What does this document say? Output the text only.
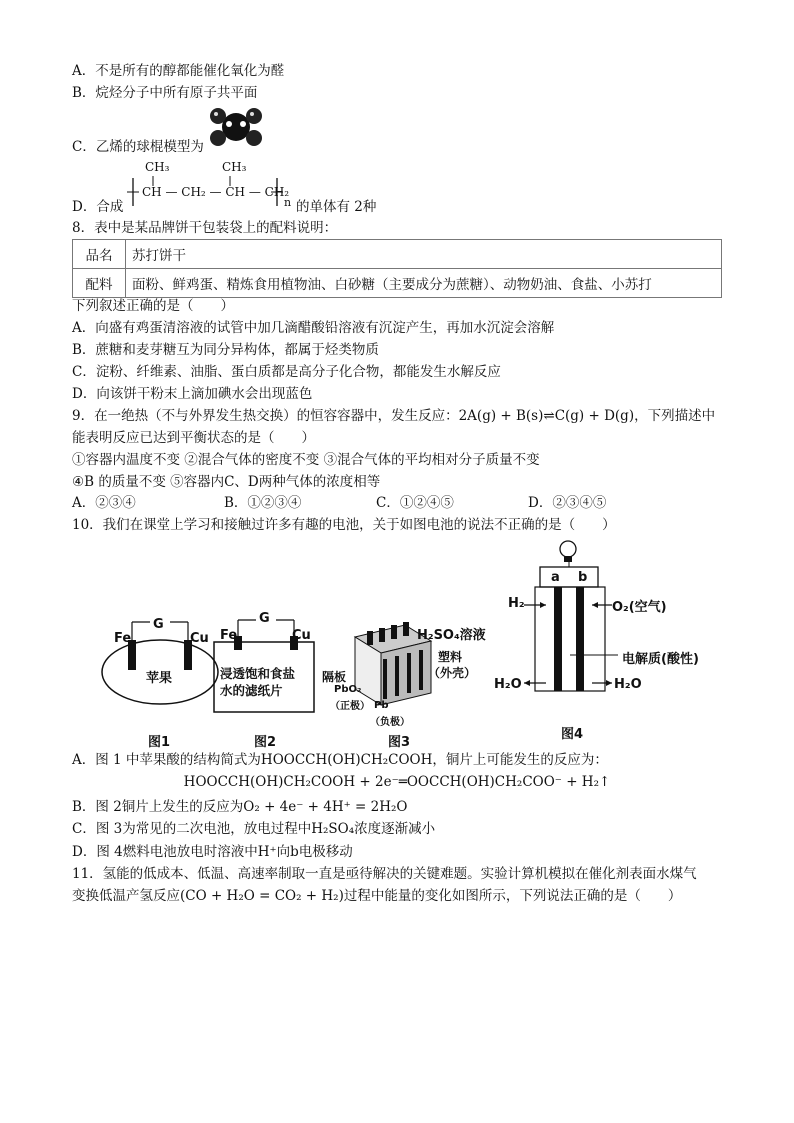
A．不是所有的醇都能催化氧化为醛
B．烷烃分子中所有原子共平面
C．乙烯的球棍模型为
D．合成
CH₃	CH₃
CH — CH₂ — CH — CH₂
n 的单体有 2种
8．表中是某品牌饼干包装袋上的配料说明：
品名	苏打饼干
配料	面粉、鲜鸡蛋、精炼食用植物油、白砂糖（主要成分为蔗糖）、动物奶油、食盐、小苏打
下列叙述正确的是（　　）
A．向盛有鸡蛋清溶液的试管中加几滴醋酸铅溶液有沉淀产生，再加水沉淀会溶解
B．蔗糖和麦芽糖互为同分异构体，都属于烃类物质
C．淀粉、纤维素、油脂、蛋白质都是高分子化合物，都能发生水解反应
D．向该饼干粉末上滴加碘水会出现蓝色
9．在一绝热（不与外界发生热交换）的恒容容器中，发生反应：2A(g) + B(s)⇌C(g) + D(g)，下列描述中
能表明反应已达到平衡状态的是（　　）
①容器内温度不变 ②混合气体的密度不变 ③混合气体的平均相对分子质量不变
④B 的质量不变 ⑤容器内C、D两种气体的浓度相等
A．②③④	B．①②③④	C．①②④⑤	D．②③④⑤
10．我们在课堂上学习和接触过许多有趣的电池，关于如图电池的说法不正确的是（　　）
Fe
G
Cu
苹果
图1
Fe
G
Cu
浸透饱和食盐
水的滤纸片
图2
H₂SO₄溶液
塑料
（外壳）
隔板
PbO₂
（正极） Pb
（负极）
图3
a b
H₂	O₂(空气)
电解质(酸性)
H₂O	H₂O
图4
A．图 1 中苹果酸的结构简式为HOOCCH(OH)CH₂COOH，铜片上可能发生的反应为：
HOOCCH(OH)CH₂COOH + 2e⁻═OOCCH(OH)CH₂COO⁻ + H₂↑
B．图 2铜片上发生的反应为O₂ + 4e⁻ + 4H⁺ = 2H₂O
C．图 3为常见的二次电池，放电过程中H₂SO₄浓度逐渐减小
D．图 4燃料电池放电时溶液中H⁺向b电极移动
11．氢能的低成本、低温、高速率制取一直是亟待解决的关键难题。实验计算机模拟在催化剂表面水煤气
变换低温产氢反应(CO + H₂O = CO₂ + H₂)过程中能量的变化如图所示，下列说法正确的是（　　）
